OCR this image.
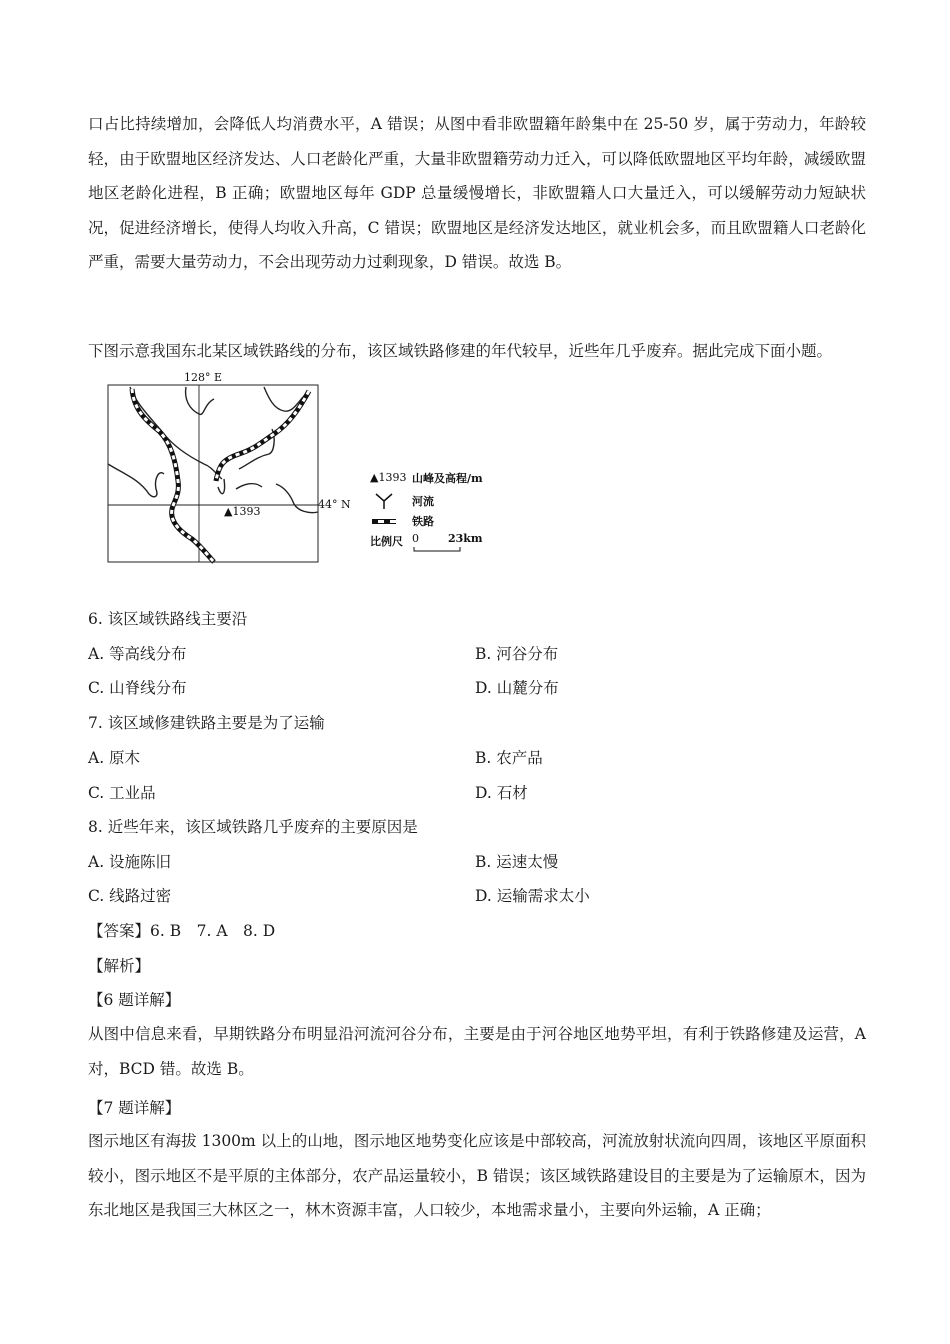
口占比持续增加，会降低人均消费水平，A 错误；从图中看非欧盟籍年龄集中在 25-50 岁，属于劳动力，年龄较轻，由于欧盟地区经济发达、人口老龄化严重，大量非欧盟籍劳动力迁入，可以降低欧盟地区平均年龄，减缓欧盟地区老龄化进程，B 正确；欧盟地区每年 GDP 总量缓慢增长，非欧盟籍人口大量迁入，可以缓解劳动力短缺状况，促进经济增长，使得人均收入升高，C 错误；欧盟地区是经济发达地区，就业机会多，而且欧盟籍人口老龄化严重，需要大量劳动力，不会出现劳动力过剩现象，D 错误。故选 B。

下图示意我国东北某区域铁路线的分布，该区域铁路修建的年代较早，近些年几乎废弃。据此完成下面小题。

128° E
44° N
▲1393
▲1393 山峰及高程/m
河流
铁路
比例尺 0	23km
6. 该区域铁路线主要沿
A. 等高线分布	B. 河谷分布
C. 山脊线分布	D. 山麓分布
7. 该区域修建铁路主要是为了运输
A. 原木	B. 农产品
C. 工业品	D. 石材
8. 近些年来，该区域铁路几乎废弃的主要原因是
A. 设施陈旧	B. 运速太慢
C. 线路过密	D. 运输需求太小
【答案】6. B　7. A　8. D
【解析】
【6 题详解】

从图中信息来看，早期铁路分布明显沿河流河谷分布，主要是由于河谷地区地势平坦，有利于铁路修建及运营，A 对，BCD 错。故选 B。

【7 题详解】

图示地区有海拔 1300m 以上的山地，图示地区地势变化应该是中部较高，河流放射状流向四周，该地区平原面积较小，图示地区不是平原的主体部分，农产品运量较小，B 错误；该区域铁路建设目的主要是为了运输原木，因为东北地区是我国三大林区之一，林木资源丰富，人口较少，本地需求量小，主要向外运输，A 正确；
